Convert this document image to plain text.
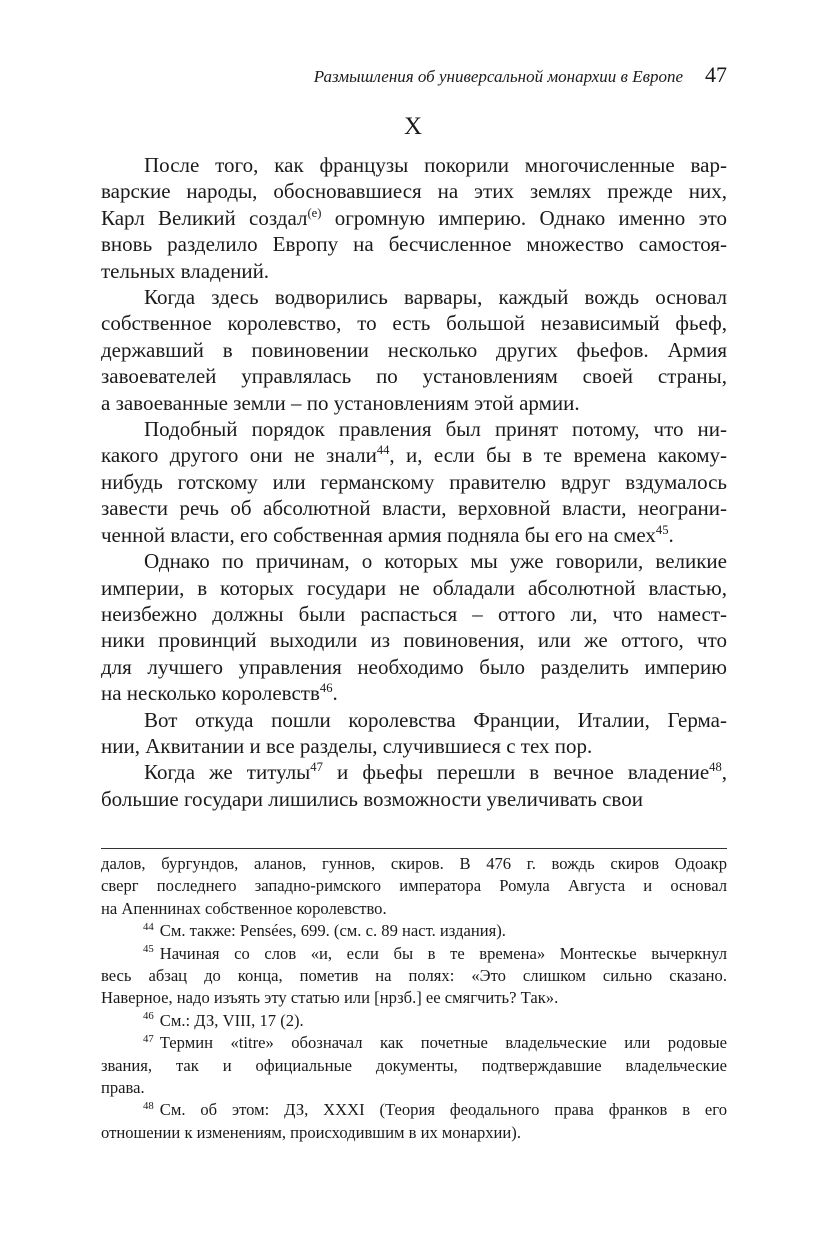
Размышления об универсальной монархии в Европе 47
X

После того, как французы покорили многочисленные вар-
варские народы, обосновавшиеся на этих землях прежде них,
Карл Великий создал$^{(e)}$ огромную империю. Однако именно это
вновь разделило Европу на бесчисленное множество самостоя-
тельных владений.

Когда здесь водворились варвары, каждый вождь основал
собственное королевство, то есть большой независимый фьеф,
державший в повиновении несколько других фьефов. Армия
завоевателей управлялась по установлениям своей страны,
а завоеванные земли – по установлениям этой армии.

Подобный порядок правления был принят потому, что ни-
какого другого они не знали$^{44}$, и, если бы в те времена какому-
нибудь готскому или германскому правителю вдруг вздумалось
завести речь об абсолютной власти, верховной власти, неограни-
ченной власти, его собственная армия подняла бы его на смех$^{45}$.

Однако по причинам, о которых мы уже говорили, великие
империи, в которых государи не обладали абсолютной властью,
неизбежно должны были распасться – оттого ли, что намест-
ники провинций выходили из повиновения, или же оттого, что
для лучшего управления необходимо было разделить империю
на несколько королевств$^{46}$.

Вот откуда пошли королевства Франции, Италии, Герма-
нии, Аквитании и все разделы, случившиеся с тех пор.

Когда же титулы$^{47}$ и фьефы перешли в вечное владение$^{48}$,
большие государи лишились возможности увеличивать свои

далов, бургундов, аланов, гуннов, скиров. В 476 г. вождь скиров Одоакр
сверг последнего западно-римского императора Ромула Августа и основал
на Апеннинах собственное королевство.

$^{44}$ См. также: Pensées, 699. (см. с. 89 наст. издания).

$^{45}$ Начиная со слов «и, если бы в те времена» Монтескье вычеркнул
весь абзац до конца, пометив на полях: «Это слишком сильно сказано.
Наверное, надо изъять эту статью или [нрзб.] ее смягчить? Так».

$^{46}$ См.: ДЗ, VIII, 17 (2).

$^{47}$ Термин «titre» обозначал как почетные владельческие или родовые
звания, так и официальные документы, подтверждавшие владельческие
права.

$^{48}$ См. об этом: ДЗ, XXXI (Теория феодального права франков в его
отношении к изменениям, происходившим в их монархии).
